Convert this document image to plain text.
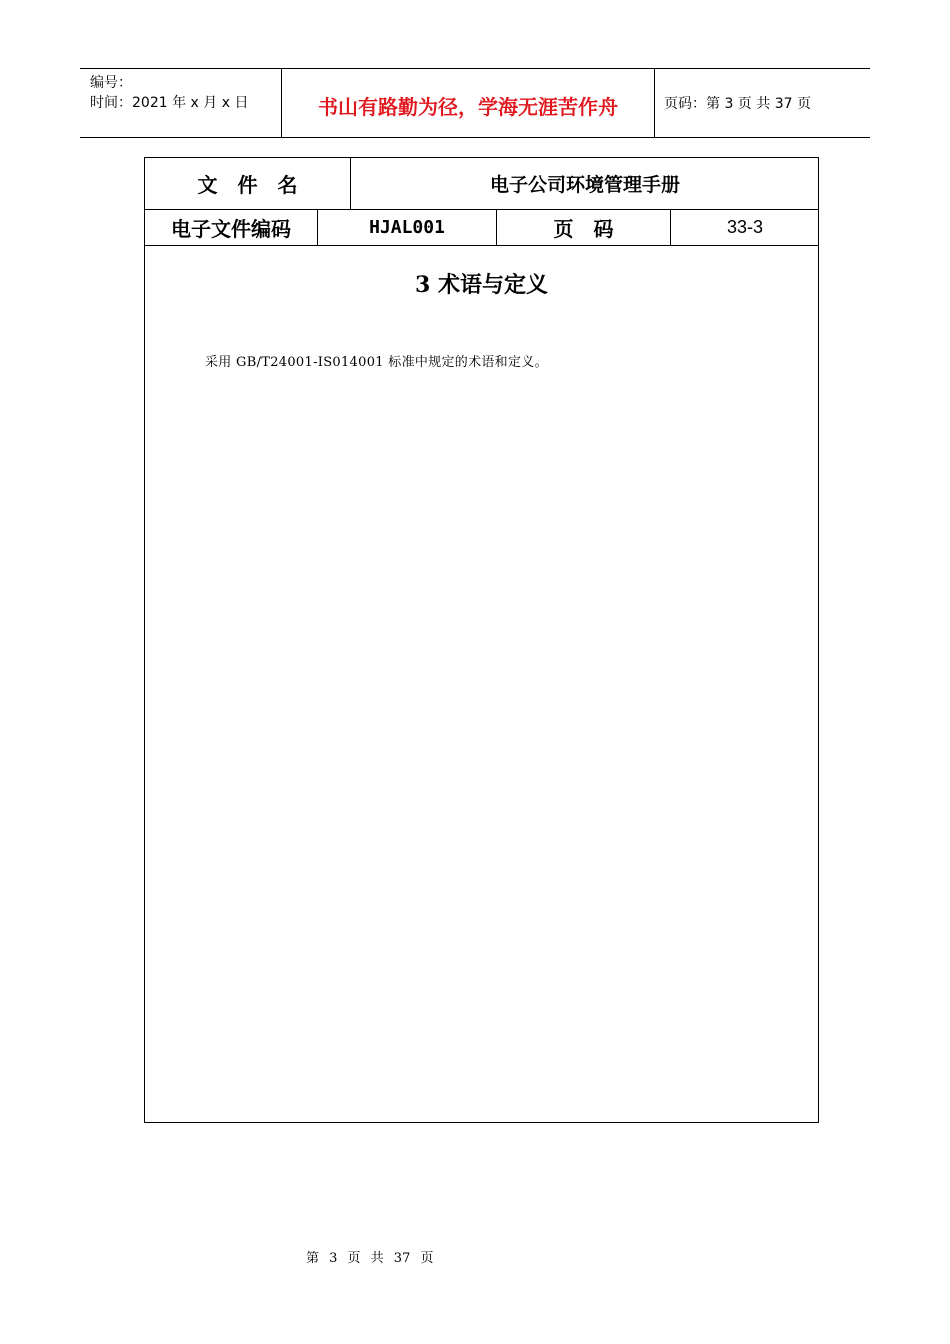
编号：
时间：2021 年 x 月 x 日	书山有路勤为径，学海无涯苦作舟	页码：第 3 页 共 37 页
文　件　名	电子公司环境管理手册
电子文件编码	HJAL001	页　码	33-3
3 术语与定义
采用 GB/T24001-IS014001 标准中规定的术语和定义。
第 3 页 共 37 页
